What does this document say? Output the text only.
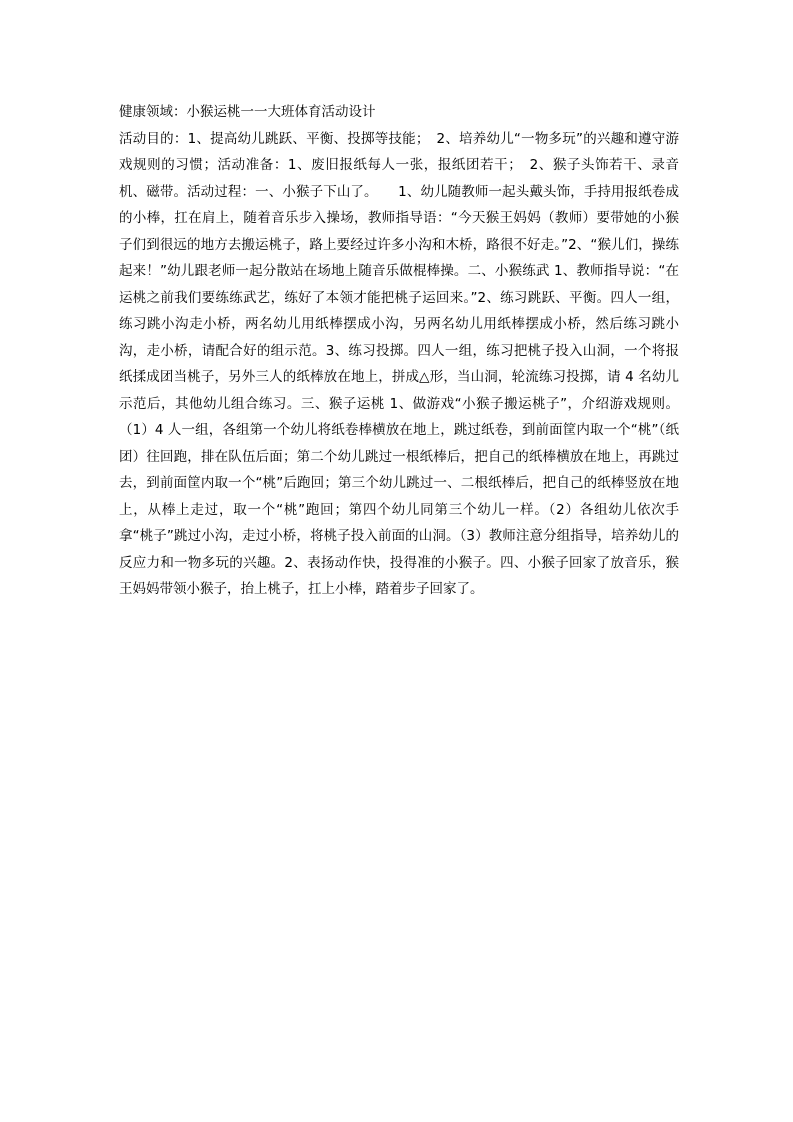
健康领域：小猴运桃一一大班体育活动设计

活动目的：1、提高幼儿跳跃、平衡、投掷等技能；　2、培养幼儿“一物多玩”的兴趣和遵守游戏规则的习惯；活动准备：1、废旧报纸每人一张，报纸团若干；　2、猴子头饰若干、录音机、磁带。活动过程：一、小猴子下山了。　　1、幼儿随教师一起头戴头饰，手持用报纸卷成的小棒，扛在肩上，随着音乐步入操场，教师指导语：“今天猴王妈妈（教师）要带她的小猴子们到很远的地方去搬运桃子，路上要经过许多小沟和木桥，路很不好走。”2、“猴儿们，操练起来！”幼儿跟老师一起分散站在场地上随音乐做棍棒操。二、小猴练武 1、教师指导说：“在运桃之前我们要练练武艺，练好了本领才能把桃子运回来。”2、练习跳跃、平衡。四人一组，练习跳小沟走小桥，两名幼儿用纸棒摆成小沟，另两名幼儿用纸棒摆成小桥，然后练习跳小沟，走小桥，请配合好的组示范。3、练习投掷。四人一组，练习把桃子投入山洞，一个将报纸揉成团当桃子，另外三人的纸棒放在地上，拼成△形，当山洞，轮流练习投掷，请 4 名幼儿示范后，其他幼儿组合练习。三、猴子运桃 1、做游戏“小猴子搬运桃子”，介绍游戏规则。（1）4 人一组，各组第一个幼儿将纸卷棒横放在地上，跳过纸卷，到前面筐内取一个“桃”（纸团）往回跑，排在队伍后面；第二个幼儿跳过一根纸棒后，把自己的纸棒横放在地上，再跳过去，到前面筐内取一个“桃”后跑回；第三个幼儿跳过一、二根纸棒后，把自己的纸棒竖放在地上，从棒上走过，取一个“桃”跑回；第四个幼儿同第三个幼儿一样。（2）各组幼儿依次手拿“桃子”跳过小沟，走过小桥，将桃子投入前面的山洞。（3）教师注意分组指导，培养幼儿的反应力和一物多玩的兴趣。2、表扬动作快，投得准的小猴子。四、小猴子回家了放音乐，猴王妈妈带领小猴子，抬上桃子，扛上小棒，踏着步子回家了。
